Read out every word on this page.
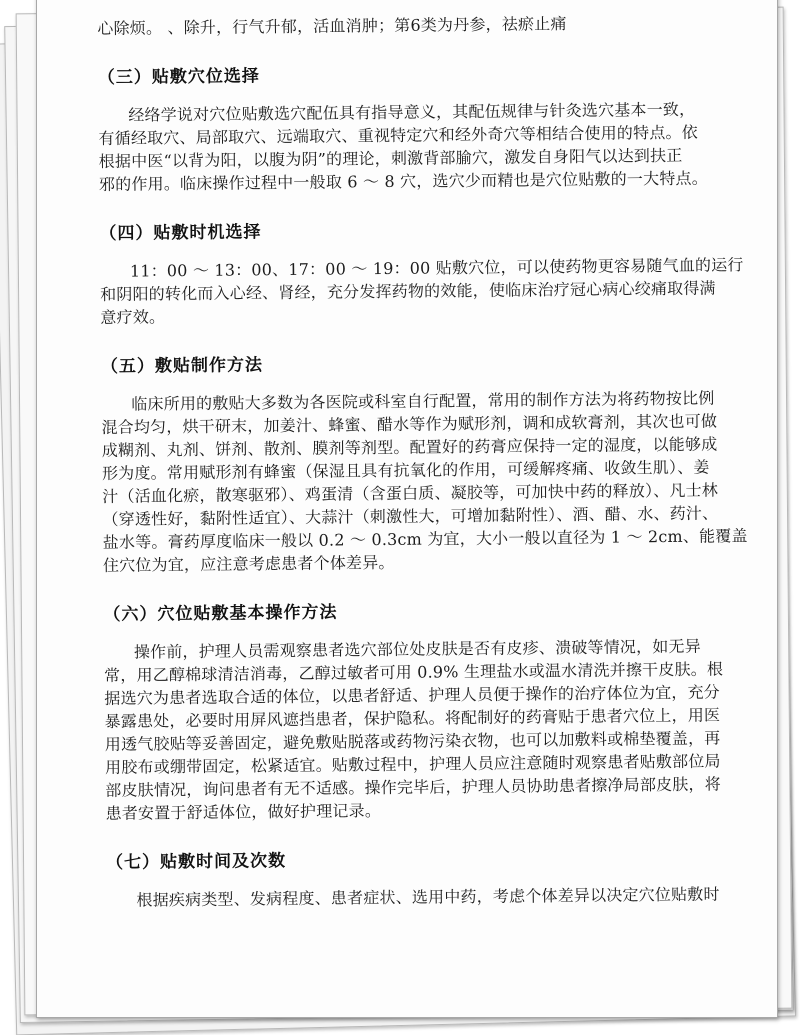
心除烦。 、除升，行气升郁，活血消肿；第6类为丹参，祛瘀止痛

（三）贴敷穴位选择

经络学说对穴位贴敷选穴配伍具有指导意义，其配伍规律与针灸选穴基本一致，

有循经取穴、局部取穴、远端取穴、重视特定穴和经外奇穴等相结合使用的特点。依

根据中医“以背为阳，以腹为阴”的理论，刺激背部腧穴，激发自身阳气以达到扶正

邪的作用。临床操作过程中一般取 6 ～ 8 穴，选穴少而精也是穴位贴敷的一大特点。

（四）贴敷时机选择

11：00 ～ 13：00、17：00 ～ 19：00 贴敷穴位，可以使药物更容易随气血的运行

和阴阳的转化而入心经、肾经，充分发挥药物的效能，使临床治疗冠心病心绞痛取得满

意疗效。

（五）敷贴制作方法

临床所用的敷贴大多数为各医院或科室自行配置，常用的制作方法为将药物按比例

混合均匀，烘干研末，加姜汁、蜂蜜、醋水等作为赋形剂，调和成软膏剂，其次也可做

成糊剂、丸剂、饼剂、散剂、膜剂等剂型。配置好的药膏应保持一定的湿度，以能够成

形为度。常用赋形剂有蜂蜜（保湿且具有抗氧化的作用，可缓解疼痛、收敛生肌）、姜

汁（活血化瘀，散寒驱邪）、鸡蛋清（含蛋白质、凝胶等，可加快中药的释放）、凡士林

（穿透性好，黏附性适宜）、大蒜汁（刺激性大，可增加黏附性）、酒、醋、水、药汁、

盐水等。膏药厚度临床一般以 0.2 ～ 0.3cm 为宜，大小一般以直径为 1 ～ 2cm、能覆盖

住穴位为宜，应注意考虑患者个体差异。

（六）穴位贴敷基本操作方法

操作前，护理人员需观察患者选穴部位处皮肤是否有皮疹、溃破等情况，如无异

常，用乙醇棉球清洁消毒，乙醇过敏者可用 0.9% 生理盐水或温水清洗并擦干皮肤。根

据选穴为患者选取合适的体位，以患者舒适、护理人员便于操作的治疗体位为宜，充分

暴露患处，必要时用屏风遮挡患者，保护隐私。将配制好的药膏贴于患者穴位上，用医

用透气胶贴等妥善固定，避免敷贴脱落或药物污染衣物，也可以加敷料或棉垫覆盖，再

用胶布或绷带固定，松紧适宜。贴敷过程中，护理人员应注意随时观察患者贴敷部位局

部皮肤情况，询问患者有无不适感。操作完毕后，护理人员协助患者擦净局部皮肤，将

患者安置于舒适体位，做好护理记录。

（七）贴敷时间及次数

根据疾病类型、发病程度、患者症状、选用中药，考虑个体差异以决定穴位贴敷时
